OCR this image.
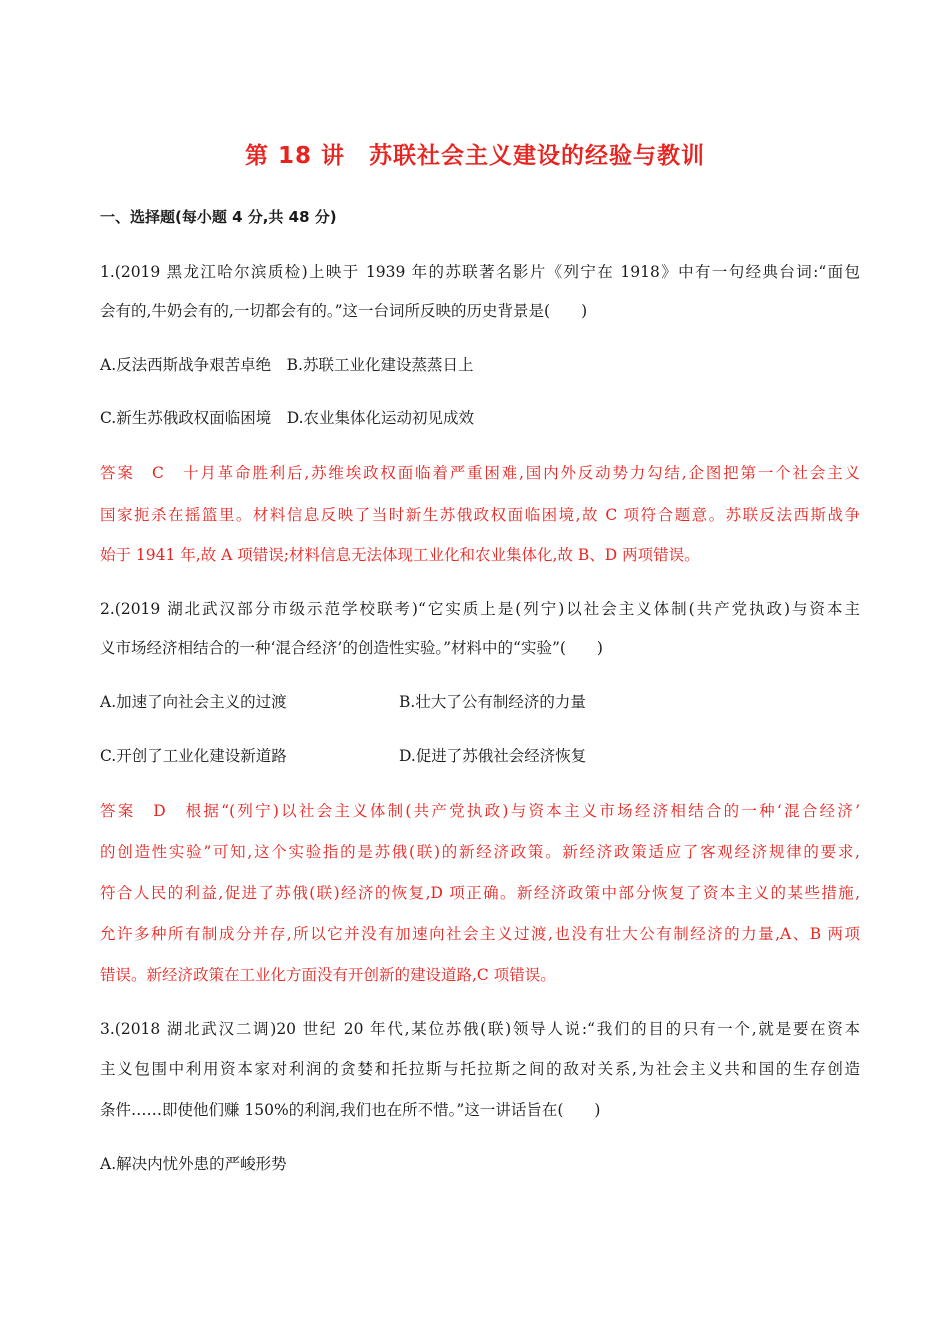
第 18 讲　苏联社会主义建设的经验与教训
一、选择题(每小题 4 分,共 48 分)
1.(2019 黑龙江哈尔滨质检)上映于 1939 年的苏联著名影片《列宁在 1918》中有一句经典台词:“面包
会有的,牛奶会有的,一切都会有的。”这一台词所反映的历史背景是(　　)
A.反法西斯战争艰苦卓绝　B.苏联工业化建设蒸蒸日上
C.新生苏俄政权面临困境　D.农业集体化运动初见成效
答案　C　十月革命胜利后,苏维埃政权面临着严重困难,国内外反动势力勾结,企图把第一个社会主义
国家扼杀在摇篮里。材料信息反映了当时新生苏俄政权面临困境,故 C 项符合题意。苏联反法西斯战争
始于 1941 年,故 A 项错误;材料信息无法体现工业化和农业集体化,故 B、D 两项错误。
2.(2019 湖北武汉部分市级示范学校联考)“它实质上是(列宁)以社会主义体制(共产党执政)与资本主
义市场经济相结合的一种‘混合经济’的创造性实验。”材料中的“实验”(　　)
A.加速了向社会主义的过渡	B.壮大了公有制经济的力量
C.开创了工业化建设新道路	D.促进了苏俄社会经济恢复
答案　D　根据“(列宁)以社会主义体制(共产党执政)与资本主义市场经济相结合的一种‘混合经济’
的创造性实验”可知,这个实验指的是苏俄(联)的新经济政策。新经济政策适应了客观经济规律的要求,
符合人民的利益,促进了苏俄(联)经济的恢复,D 项正确。新经济政策中部分恢复了资本主义的某些措施,
允许多种所有制成分并存,所以它并没有加速向社会主义过渡,也没有壮大公有制经济的力量,A、B 两项
错误。新经济政策在工业化方面没有开创新的建设道路,C 项错误。
3.(2018 湖北武汉二调)20 世纪 20 年代,某位苏俄(联)领导人说:“我们的目的只有一个,就是要在资本
主义包围中利用资本家对利润的贪婪和托拉斯与托拉斯之间的敌对关系,为社会主义共和国的生存创造
条件……即使他们赚 150%的利润,我们也在所不惜。”这一讲话旨在(　　)
A.解决内忧外患的严峻形势
